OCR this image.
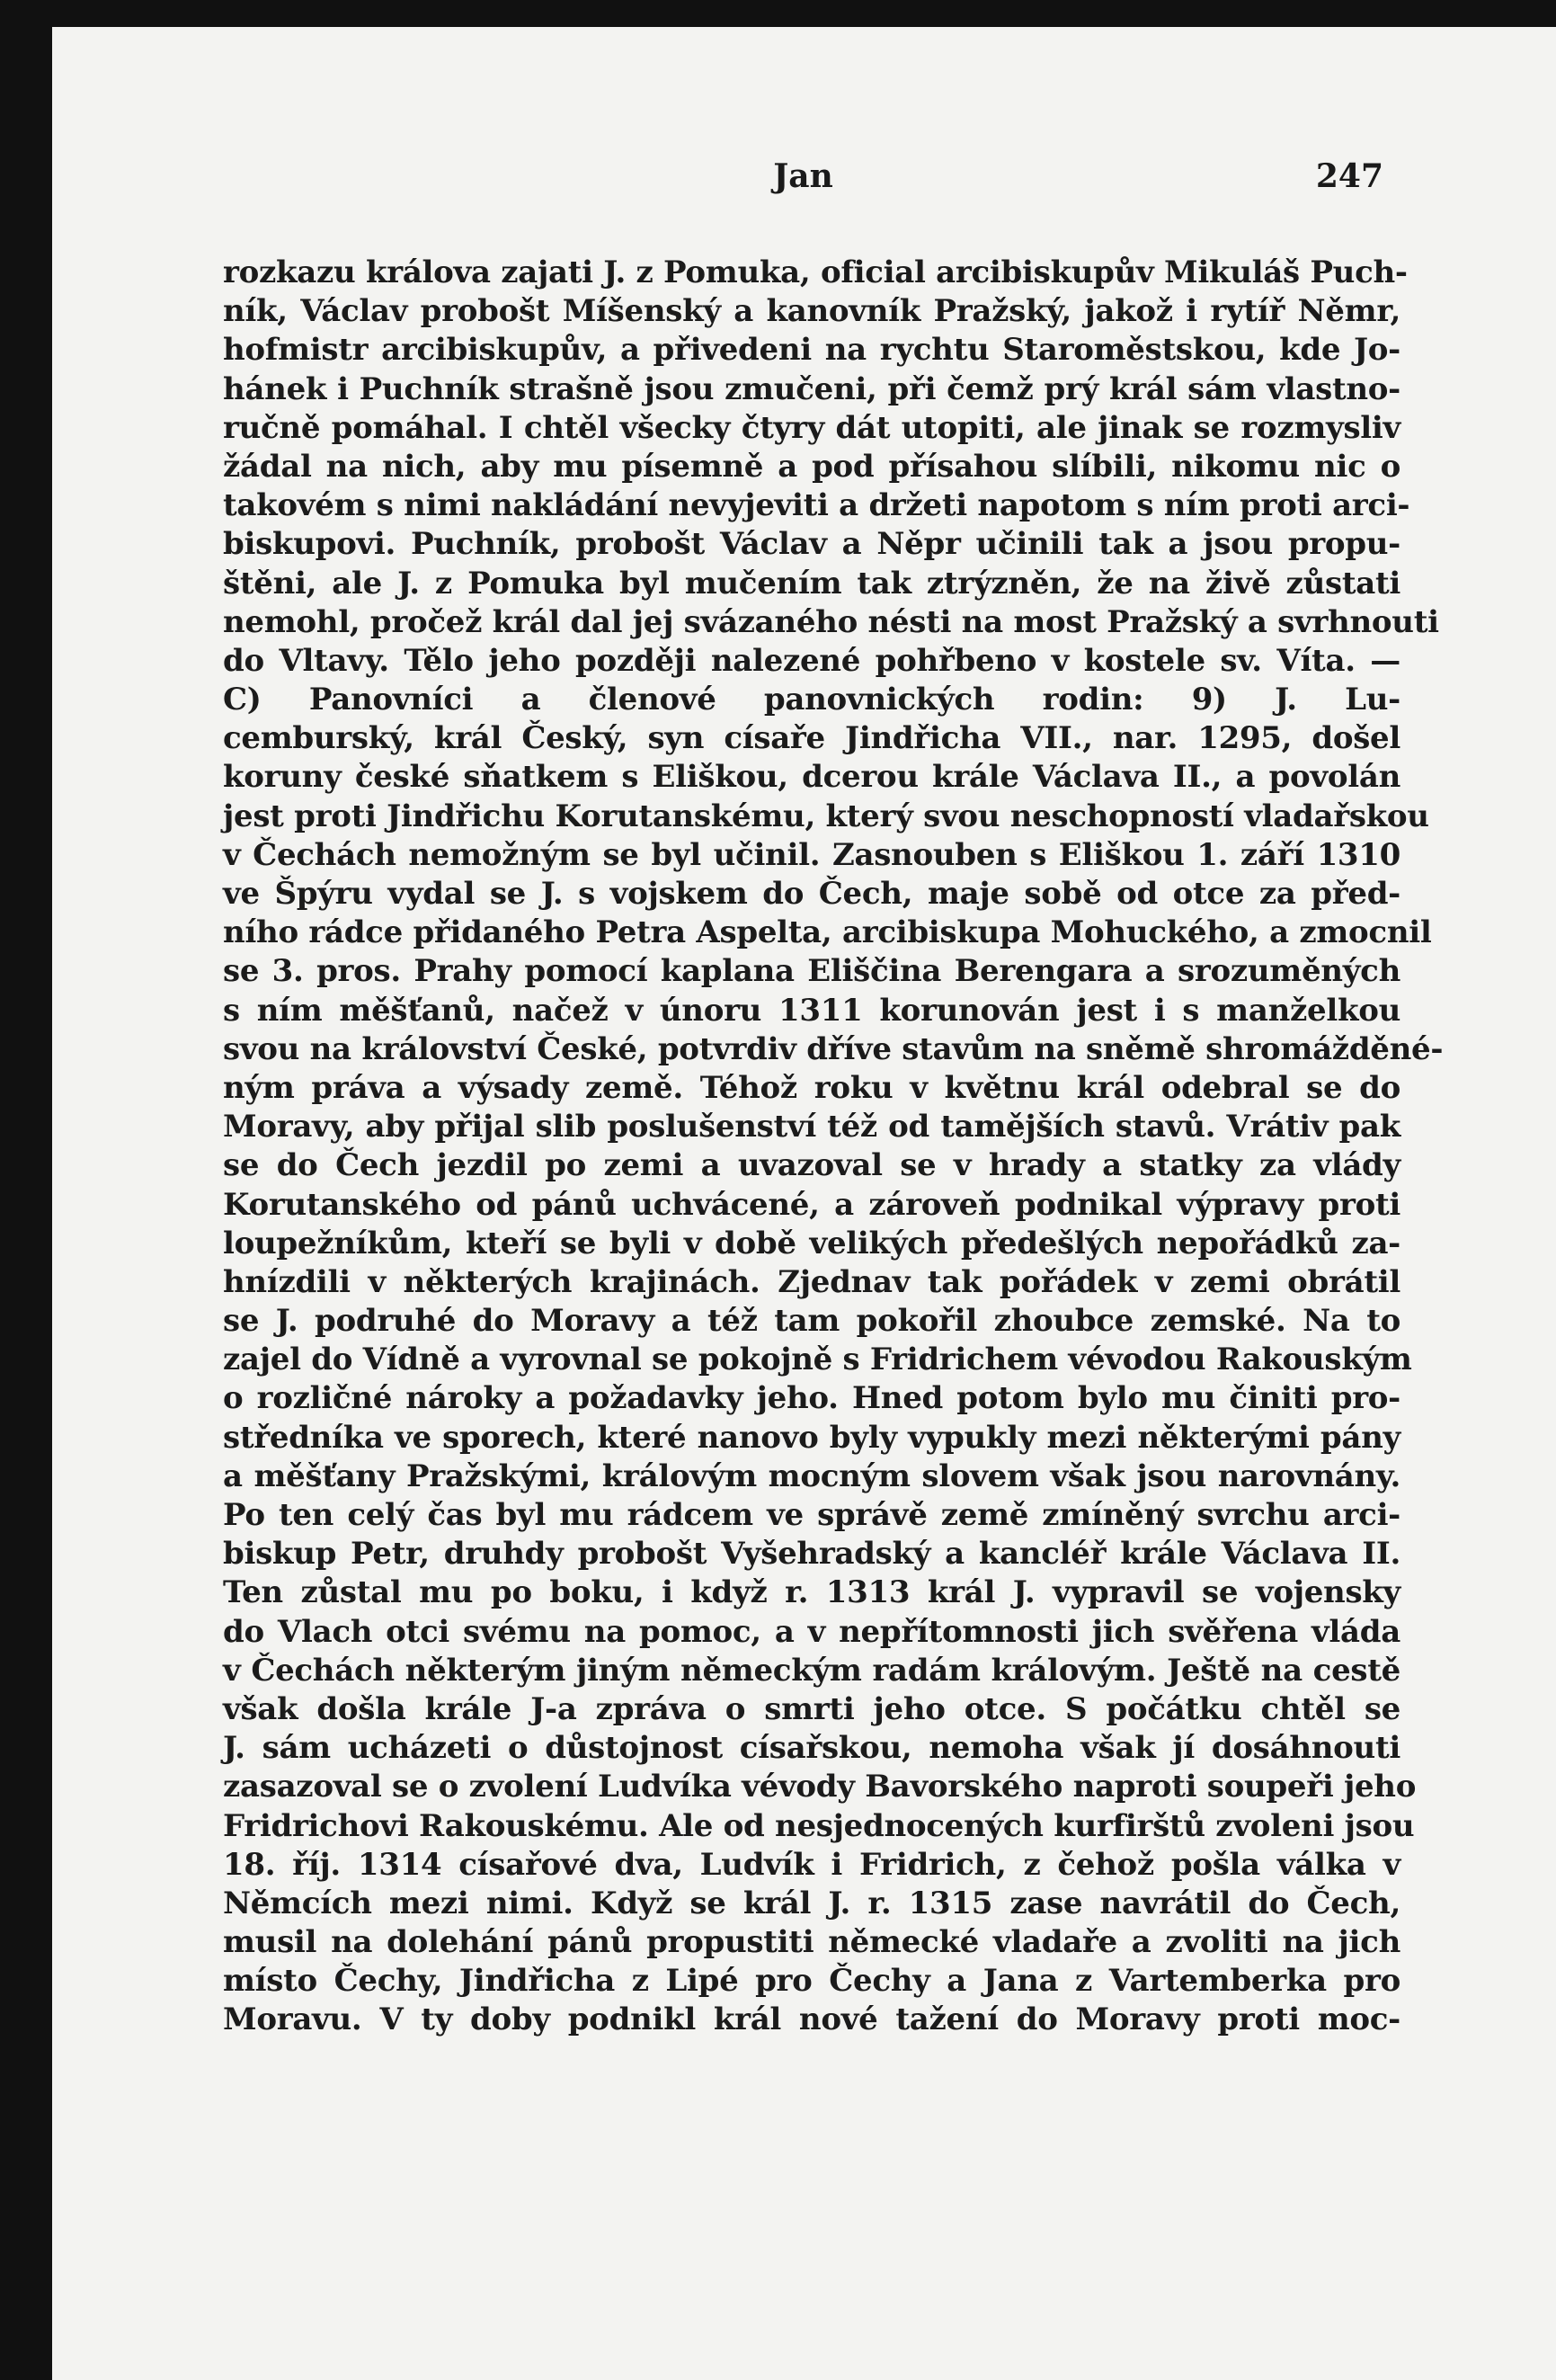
Jan	247
rozkazu králova zajati J. z Pomuka, oficial arcibiskupův Mikuláš Puch-
ník, Václav probošt Míšenský a kanovník Pražský, jakož i rytíř Němr,
hofmistr arcibiskupův, a přivedeni na rychtu Staroměstskou, kde Jo-
hánek i Puchník strašně jsou zmučeni, při čemž prý král sám vlastno-
ručně pomáhal. I chtěl všecky čtyry dát utopiti, ale jinak se rozmysliv
žádal na nich, aby mu písemně a pod přísahou slíbili, nikomu nic o
takovém s nimi nakládání nevyjeviti a držeti napotom s ním proti arci-
biskupovi. Puchník, probošt Václav a Něpr učinili tak a jsou propu-
štěni, ale J. z Pomuka byl mučením tak ztrýzněn, že na živě zůstati
nemohl, pročež král dal jej svázaného nésti na most Pražský a svrhnouti
do Vltavy. Tělo jeho později nalezené pohřbeno v kostele sv. Víta. —
C) Panovníci a členové panovnických rodin: 9) J. Lu-
cemburský, král Český, syn císaře Jindřicha VII., nar. 1295, došel
koruny české sňatkem s Eliškou, dcerou krále Václava II., a povolán
jest proti Jindřichu Korutanskému, který svou neschopností vladařskou
v Čechách nemožným se byl učinil. Zasnouben s Eliškou 1. září 1310
ve Špýru vydal se J. s vojskem do Čech, maje sobě od otce za před-
ního rádce přidaného Petra Aspelta, arcibiskupa Mohuckého, a zmocnil
se 3. pros. Prahy pomocí kaplana Eliščina Berengara a srozuměných
s ním měšťanů, načež v únoru 1311 korunován jest i s manželkou
svou na království České, potvrdiv dříve stavům na sněmě shromážděné-
ným práva a výsady země. Téhož roku v květnu král odebral se do
Moravy, aby přijal slib poslušenství též od tamějších stavů. Vrátiv pak
se do Čech jezdil po zemi a uvazoval se v hrady a statky za vlády
Korutanského od pánů uchvácené, a zároveň podnikal výpravy proti
loupežníkům, kteří se byli v době velikých předešlých nepořádků za-
hnízdili v některých krajinách. Zjednav tak pořádek v zemi obrátil
se J. podruhé do Moravy a též tam pokořil zhoubce zemské. Na to
zajel do Vídně a vyrovnal se pokojně s Fridrichem vévodou Rakouským
o rozličné nároky a požadavky jeho. Hned potom bylo mu činiti pro-
středníka ve sporech, které nanovo byly vypukly mezi některými pány
a měšťany Pražskými, královým mocným slovem však jsou narovnány.
Po ten celý čas byl mu rádcem ve správě země zmíněný svrchu arci-
biskup Petr, druhdy probošt Vyšehradský a kancléř krále Václava II.
Ten zůstal mu po boku, i když r. 1313 král J. vypravil se vojensky
do Vlach otci svému na pomoc, a v nepřítomnosti jich svěřena vláda
v Čechách některým jiným německým radám královým. Ještě na cestě
však došla krále J-a zpráva o smrti jeho otce. S počátku chtěl se
J. sám ucházeti o důstojnost císařskou, nemoha však jí dosáhnouti
zasazoval se o zvolení Ludvíka vévody Bavorského naproti soupeři jeho
Fridrichovi Rakouskému. Ale od nesjednocených kurfirštů zvoleni jsou
18. říj. 1314 císařové dva, Ludvík i Fridrich, z čehož pošla válka v
Němcích mezi nimi. Když se král J. r. 1315 zase navrátil do Čech,
musil na dolehání pánů propustiti německé vladaře a zvoliti na jich
místo Čechy, Jindřicha z Lipé pro Čechy a Jana z Vartemberka pro
Moravu. V ty doby podnikl král nové tažení do Moravy proti moc-
